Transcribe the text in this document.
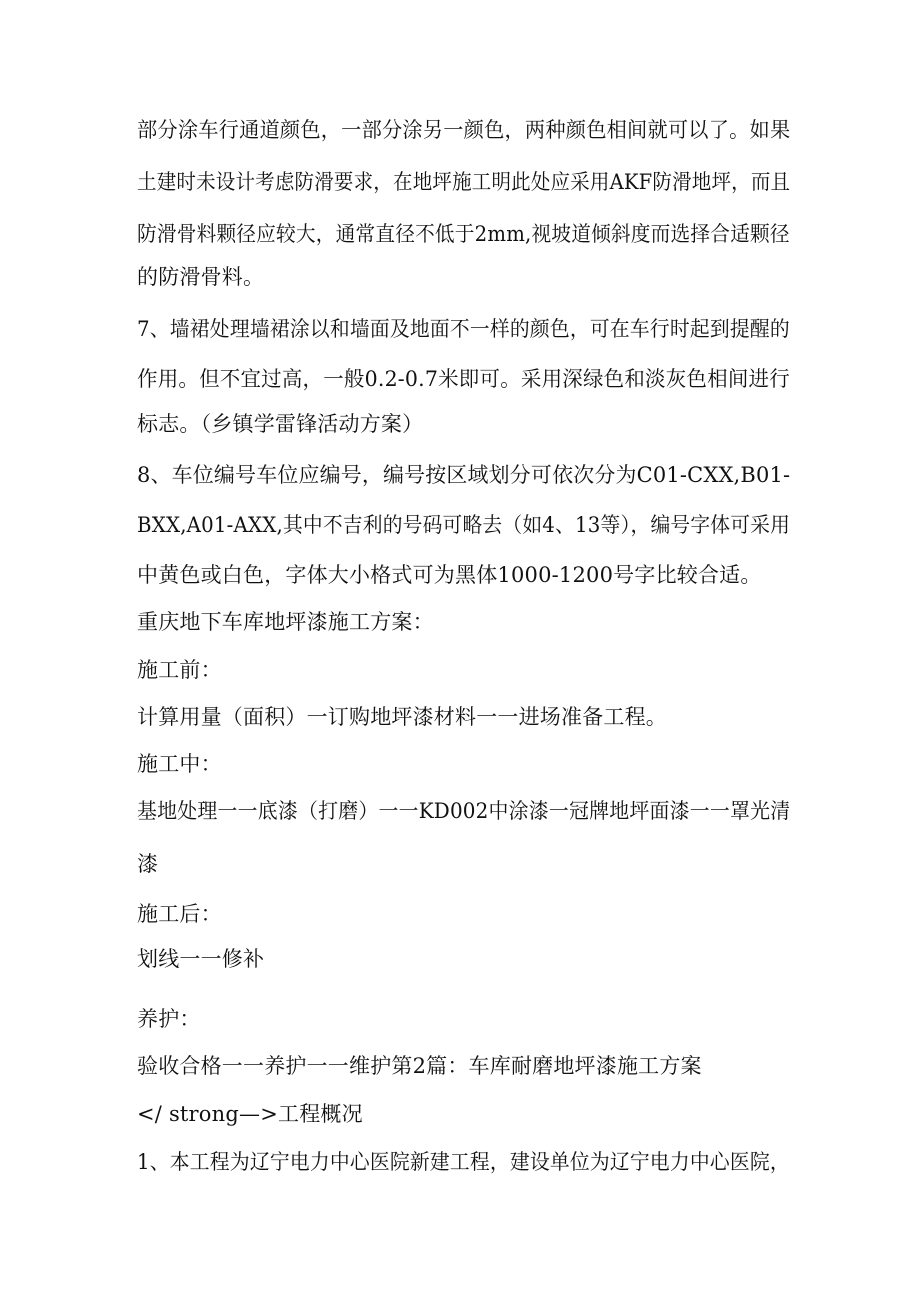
部分涂车行通道颜色，一部分涂另一颜色，两种颜色相间就可以了。如果
土建时未设计考虑防滑要求，在地坪施工明此处应采用AKF防滑地坪，而且
防滑骨料颗径应较大，通常直径不低于2mm,视坡道倾斜度而选择合适颗径
的防滑骨料。
7、墙裙处理墙裙涂以和墙面及地面不一样的颜色，可在车行时起到提醒的
作用。但不宜过高，一般0.2-0.7米即可。采用深绿色和淡灰色相间进行
标志。（乡镇学雷锋活动方案）
8、车位编号车位应编号，编号按区域划分可依次分为C01-CXX,B01-
BXX,A01-AXX,其中不吉利的号码可略去（如4、13等），编号字体可采用
中黄色或白色，字体大小格式可为黑体1000-1200号字比较合适。
重庆地下车库地坪漆施工方案：
施工前：
计算用量（面积）一订购地坪漆材料一一进场准备工程。
施工中：
基地处理一一底漆（打磨）一一KD002中涂漆一冠牌地坪面漆一一罩光清
漆
施工后：
划线一一修补
养护：
验收合格一一养护一一维护第2篇：车库耐磨地坪漆施工方案
</ strong—>工程概况
1、本工程为辽宁电力中心医院新建工程，建设单位为辽宁电力中心医院，
